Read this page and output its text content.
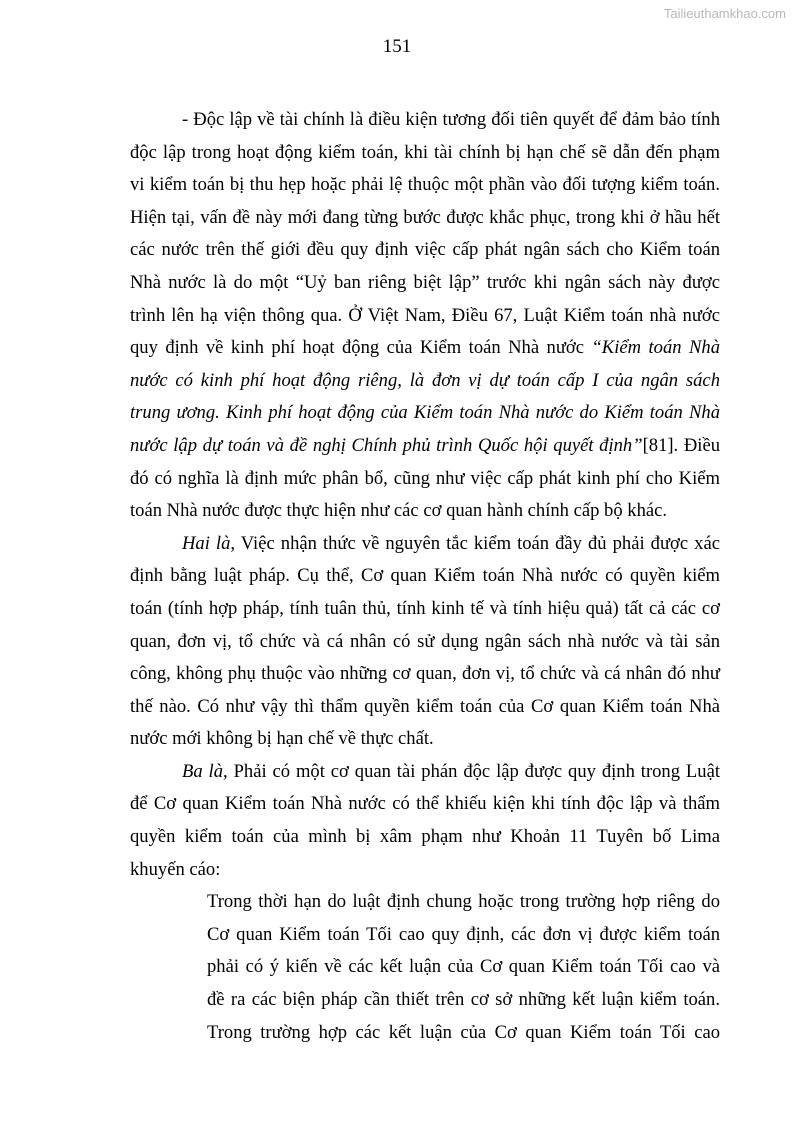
Tailieuthamkhao.com
151
- Độc lập về tài chính là điều kiện tương đối tiên quyết để đảm bảo tính
độc lập trong hoạt động kiểm toán, khi tài chính bị hạn chế sẽ dẫn đến phạm
vi kiểm toán bị thu hẹp hoặc phải lệ thuộc một phần vào đối tượng kiểm toán.
Hiện tại, vấn đề này mới đang từng bước được khắc phục, trong khi ở hầu hết
các nước trên thế giới đều quy định việc cấp phát ngân sách cho Kiểm toán
Nhà nước là do một “Uỷ ban riêng biệt lập” trước khi ngân sách này được
trình lên hạ viện thông qua. Ở Việt Nam, Điều 67, Luật Kiểm toán nhà nước
quy định về kinh phí hoạt động của Kiểm toán Nhà nước “Kiểm toán Nhà
nước có kinh phí hoạt động riêng, là đơn vị dự toán cấp I của ngân sách
trung ương. Kinh phí hoạt động của Kiểm toán Nhà nước do Kiểm toán Nhà
nước lập dự toán và đề nghị Chính phủ trình Quốc hội quyết định”[81]. Điều
đó có nghĩa là định mức phân bổ, cũng như việc cấp phát kinh phí cho Kiểm
toán Nhà nước được thực hiện như các cơ quan hành chính cấp bộ khác.
Hai là, Việc nhận thức về nguyên tắc kiểm toán đầy đủ phải được xác
định bằng luật pháp. Cụ thể, Cơ quan Kiểm toán Nhà nước có quyền kiểm
toán (tính hợp pháp, tính tuân thủ, tính kinh tế và tính hiệu quả) tất cả các cơ
quan, đơn vị, tổ chức và cá nhân có sử dụng ngân sách nhà nước và tài sản
công, không phụ thuộc vào những cơ quan, đơn vị, tổ chức và cá nhân đó như
thế nào. Có như vậy thì thẩm quyền kiểm toán của Cơ quan Kiểm toán Nhà
nước mới không bị hạn chế về thực chất.
Ba là, Phải có một cơ quan tài phán độc lập được quy định trong Luật
để Cơ quan Kiểm toán Nhà nước có thể khiếu kiện khi tính độc lập và thẩm
quyền kiểm toán của mình bị xâm phạm như Khoản 11 Tuyên bố Lima
khuyến cáo:
Trong thời hạn do luật định chung hoặc trong trường hợp riêng do
Cơ quan Kiểm toán Tối cao quy định, các đơn vị được kiểm toán
phải có ý kiến về các kết luận của Cơ quan Kiểm toán Tối cao và
đề ra các biện pháp cần thiết trên cơ sở những kết luận kiểm toán.
Trong trường hợp các kết luận của Cơ quan Kiểm toán Tối cao
